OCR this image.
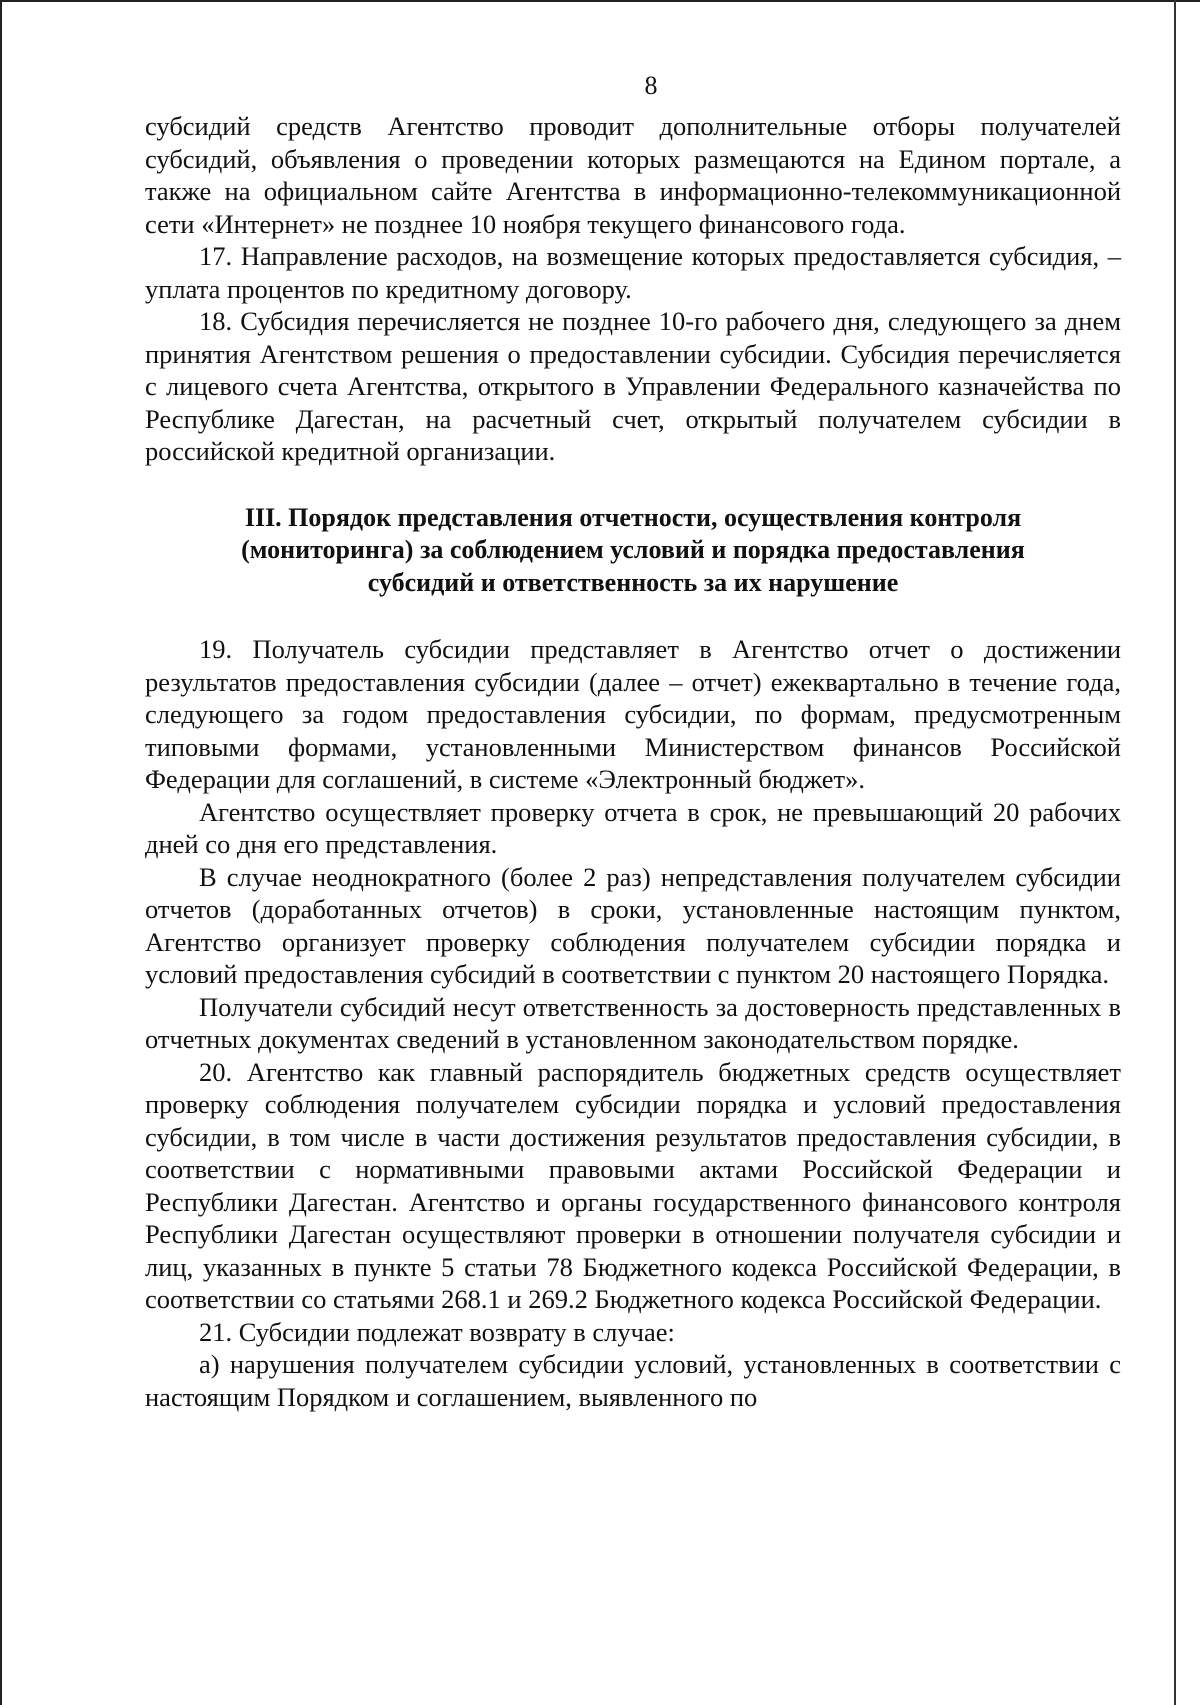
8

субсидий средств Агентство проводит дополнительные отборы получателей субсидий, объявления о проведении которых размещаются на Едином портале, а также на официальном сайте Агентства в информационно-телекоммуникационной сети «Интернет» не позднее 10 ноября текущего финансового года.

17. Направление расходов, на возмещение которых предоставляется субсидия, – уплата процентов по кредитному договору.

18. Субсидия перечисляется не позднее 10-го рабочего дня, следующего за днем принятия Агентством решения о предоставлении субсидии. Субсидия перечисляется с лицевого счета Агентства, открытого в Управлении Федерального казначейства по Республике Дагестан, на расчетный счет, открытый получателем субсидии в российской кредитной организации.

III. Порядок представления отчетности, осуществления контроля
(мониторинга) за соблюдением условий и порядка предоставления
субсидий и ответственность за их нарушение

19. Получатель субсидии представляет в Агентство отчет о достижении результатов предоставления субсидии (далее – отчет) ежеквартально в течение года, следующего за годом предоставления субсидии, по формам, предусмотренным типовыми формами, установленными Министерством финансов Российской Федерации для соглашений, в системе «Электронный бюджет».

Агентство осуществляет проверку отчета в срок, не превышающий 20 рабочих дней со дня его представления.

В случае неоднократного (более 2 раз) непредставления получателем субсидии отчетов (доработанных отчетов) в сроки, установленные настоящим пунктом, Агентство организует проверку соблюдения получателем субсидии порядка и условий предоставления субсидий в соответствии с пунктом 20 настоящего Порядка.

Получатели субсидий несут ответственность за достоверность представленных в отчетных документах сведений в установленном законодательством порядке.

20. Агентство как главный распорядитель бюджетных средств осуществляет проверку соблюдения получателем субсидии порядка и условий предоставления субсидии, в том числе в части достижения результатов предоставления субсидии, в соответствии с нормативными правовыми актами Российской Федерации и Республики Дагестан. Агентство и органы государственного финансового контроля Республики Дагестан осуществляют проверки в отношении получателя субсидии и лиц, указанных в пункте 5 статьи 78 Бюджетного кодекса Российской Федерации, в соответствии со статьями 268.1 и 269.2 Бюджетного кодекса Российской Федерации.

21. Субсидии подлежат возврату в случае:

а) нарушения получателем субсидии условий, установленных в соответствии с настоящим Порядком и соглашением, выявленного по
